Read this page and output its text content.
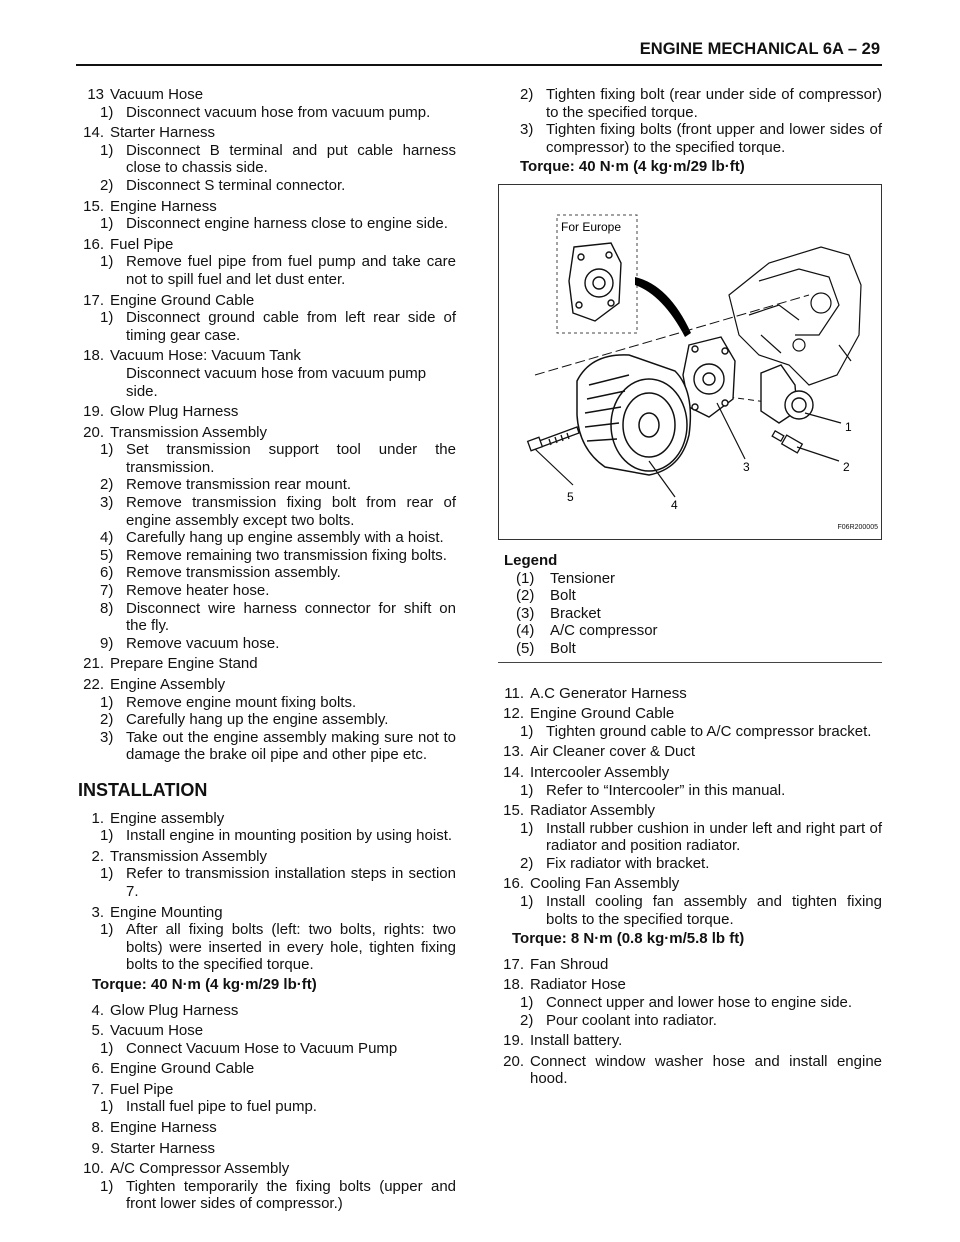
ENGINE MECHANICAL 6A – 29
13 Vacuum Hose
1) Disconnect vacuum hose from vacuum pump.
14. Starter Harness
1) Disconnect B terminal and put cable harness close to chassis side.
2) Disconnect S terminal connector.
15. Engine Harness
1) Disconnect engine harness close to engine side.
16. Fuel Pipe
1) Remove fuel pipe from fuel pump and take care not to spill fuel and let dust enter.
17. Engine Ground Cable
1) Disconnect ground cable from left rear side of timing gear case.
18. Vacuum Hose: Vacuum Tank
Disconnect vacuum hose from vacuum pump side.
19. Glow Plug Harness
20. Transmission Assembly
1) Set transmission support tool under the transmission.
2) Remove transmission rear mount.
3) Remove transmission fixing bolt from rear of engine assembly except two bolts.
4) Carefully hang up engine assembly with a hoist.
5) Remove remaining two transmission fixing bolts.
6) Remove transmission assembly.
7) Remove heater hose.
8) Disconnect wire harness connector for shift on the fly.
9) Remove vacuum hose.
21. Prepare Engine Stand
22. Engine Assembly
1) Remove engine mount fixing bolts.
2) Carefully hang up the engine assembly.
3) Take out the engine assembly making sure not to damage the brake oil pipe and other pipe etc.
INSTALLATION
1. Engine assembly
1) Install engine in mounting position by using hoist.
2. Transmission Assembly
1) Refer to transmission installation steps in section 7.
3. Engine Mounting
1) After all fixing bolts (left: two bolts, rights: two bolts) were inserted in every hole, tighten fixing bolts to the specified torque.
Torque: 40 N·m (4 kg·m/29 lb·ft)
4. Glow Plug Harness
5. Vacuum Hose
1) Connect Vacuum Hose to Vacuum Pump
6. Engine Ground Cable
7. Fuel Pipe
1) Install fuel pipe to fuel pump.
8. Engine Harness
9. Starter Harness
10. A/C Compressor Assembly
1) Tighten temporarily the fixing bolts (upper and front lower sides of compressor.)
2) Tighten fixing bolt (rear under side of compressor) to the specified torque.
3) Tighten fixing bolts (front upper and lower sides of compressor) to the specified torque.
Torque: 40 N·m (4 kg·m/29 lb·ft)
For Europe
1
2
3
4
5
F06R200005
Legend
(1)	Tensioner
(2)	Bolt
(3)	Bracket
(4)	A/C compressor
(5)	Bolt
11. A.C Generator Harness
12. Engine Ground Cable
1) Tighten ground cable to A/C compressor bracket.
13. Air Cleaner cover & Duct
14. Intercooler Assembly
1) Refer to “Intercooler” in this manual.
15. Radiator Assembly
1) Install rubber cushion in under left and right part of radiator and position radiator.
2) Fix radiator with bracket.
16. Cooling Fan Assembly
1) Install cooling fan assembly and tighten fixing bolts to the specified torque.
Torque: 8 N·m (0.8 kg·m/5.8 lb ft)
17. Fan Shroud
18. Radiator Hose
1) Connect upper and lower hose to engine side.
2) Pour coolant into radiator.
19. Install battery.
20. Connect window washer hose and install engine hood.
